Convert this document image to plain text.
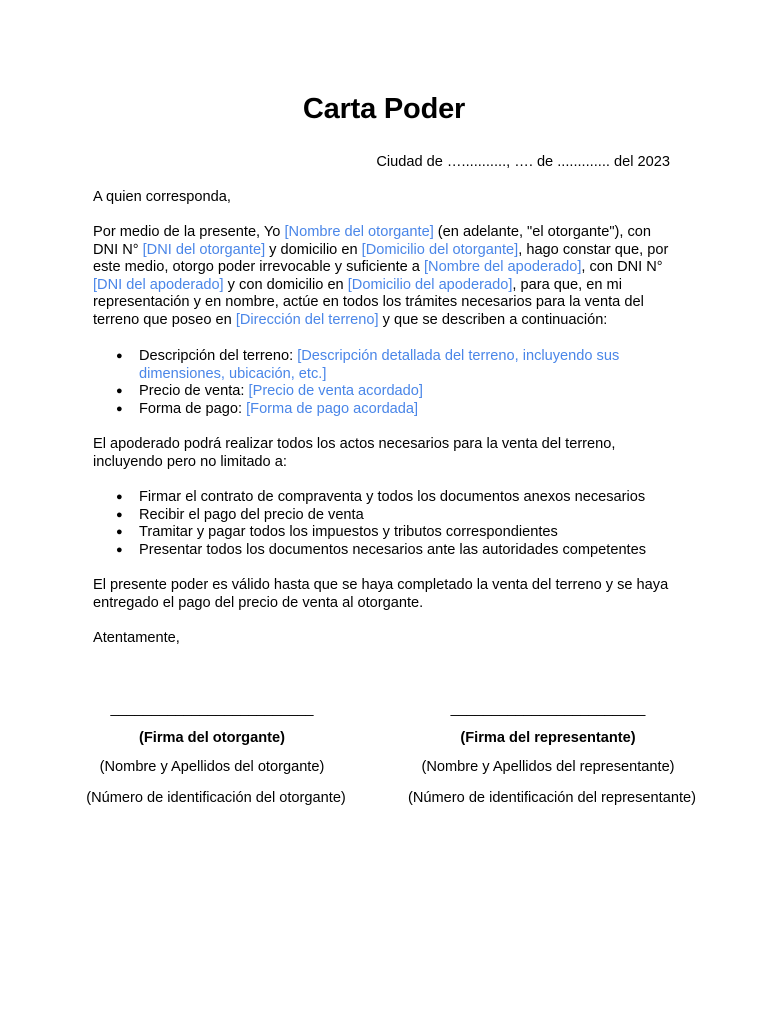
Carta Poder
Ciudad de …..........., …. de ............. del 2023
A quien corresponda,
Por medio de la presente, Yo [Nombre del otorgante] (en adelante, "el otorgante"), con DNI N° [DNI del otorgante] y domicilio en [Domicilio del otorgante], hago constar que, por este medio, otorgo poder irrevocable y suficiente a [Nombre del apoderado], con DNI N° [DNI del apoderado] y con domicilio en [Domicilio del apoderado], para que, en mi representación y en nombre, actúe en todos los trámites necesarios para la venta del terreno que poseo en [Dirección del terreno] y que se describen a continuación:
● Descripción del terreno: [Descripción detallada del terreno, incluyendo sus dimensiones, ubicación, etc.]
● Precio de venta: [Precio de venta acordado]
● Forma de pago: [Forma de pago acordada]
El apoderado podrá realizar todos los actos necesarios para la venta del terreno, incluyendo pero no limitado a:
● Firmar el contrato de compraventa y todos los documentos anexos necesarios
● Recibir el pago del precio de venta
● Tramitar y pagar todos los impuestos y tributos correspondientes
● Presentar todos los documentos necesarios ante las autoridades competentes
El presente poder es válido hasta que se haya completado la venta del terreno y se haya entregado el pago del precio de venta al otorgante.
Atentamente,
_________________________
(Firma del otorgante)
(Nombre y Apellidos del otorgante)
(Número de identificación del otorgante)
________________________
(Firma del representante)
(Nombre y Apellidos del representante)
(Número de identificación del representante)
